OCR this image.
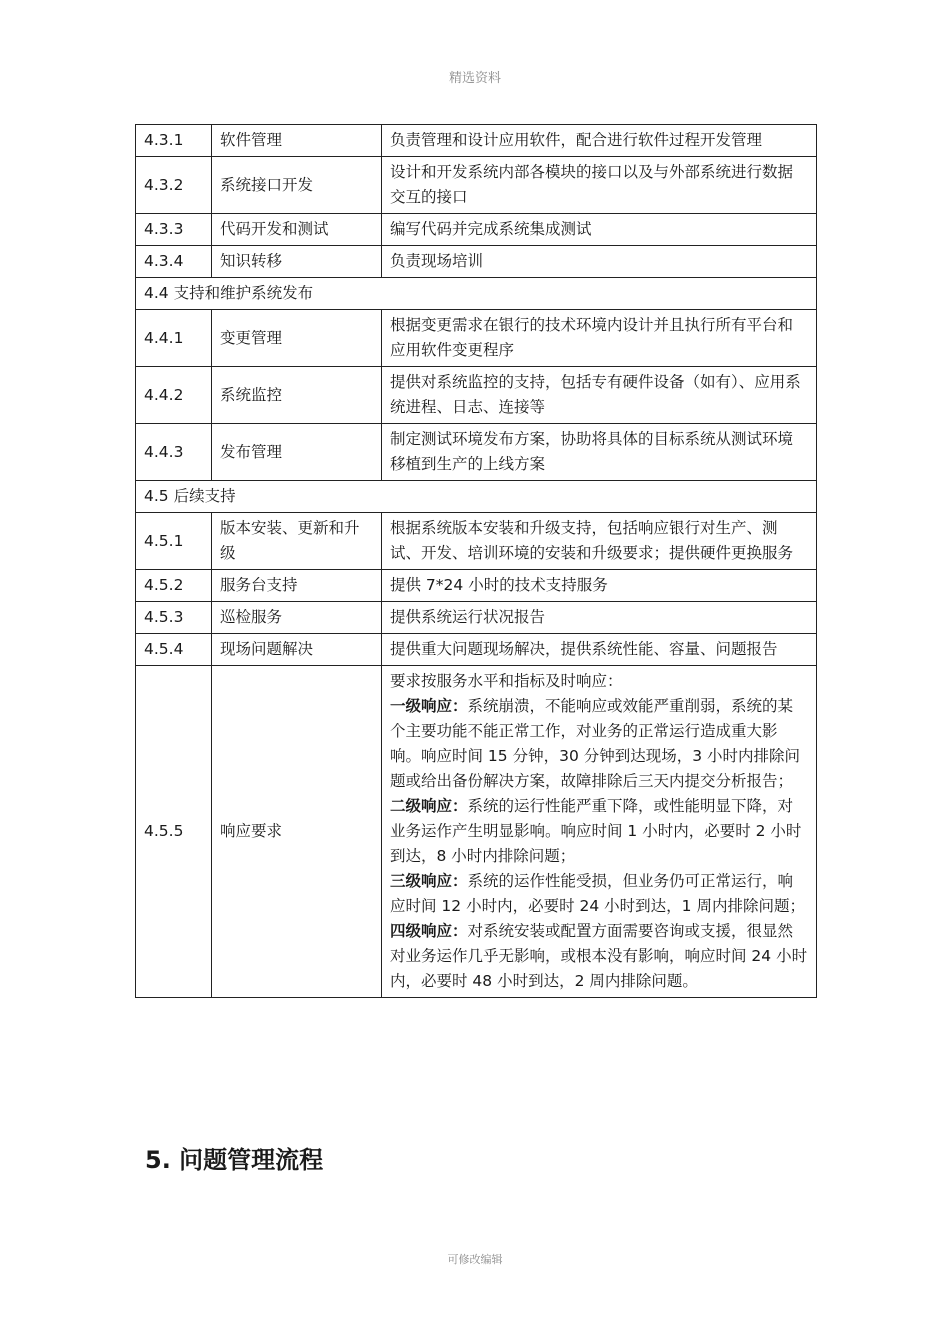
精选资料
4.3.1	软件管理	负责管理和设计应用软件，配合进行软件过程开发管理
4.3.2	系统接口开发	设计和开发系统内部各模块的接口以及与外部系统进行数据交互的接口
4.3.3	代码开发和测试	编写代码并完成系统集成测试
4.3.4	知识转移	负责现场培训
4.4 支持和维护系统发布		
4.4.1	变更管理	根据变更需求在银行的技术环境内设计并且执行所有平台和应用软件变更程序
4.4.2	系统监控	提供对系统监控的支持，包括专有硬件设备（如有）、应用系统进程、日志、连接等
4.4.3	发布管理	制定测试环境发布方案，协助将具体的目标系统从测试环境移植到生产的上线方案
4.5 后续支持		
4.5.1	版本安装、更新和升级	根据系统版本安装和升级支持，包括响应银行对生产、测试、开发、培训环境的安装和升级要求；提供硬件更换服务
4.5.2	服务台支持	提供 7*24 小时的技术支持服务
4.5.3	巡检服务	提供系统运行状况报告
4.5.4	现场问题解决	提供重大问题现场解决，提供系统性能、容量、问题报告
4.5.5	响应要求	要求按服务水平和指标及时响应：
一级响应：系统崩溃，不能响应或效能严重削弱，系统的某个主要功能不能正常工作，对业务的正常运行造成重大影响。响应时间 15 分钟，30 分钟到达现场，3 小时内排除问题或给出备份解决方案，故障排除后三天内提交分析报告；
二级响应：系统的运行性能严重下降，或性能明显下降，对业务运作产生明显影响。响应时间 1 小时内，必要时 2 小时到达，8 小时内排除问题；
三级响应：系统的运作性能受损，但业务仍可正常运行，响应时间 12 小时内，必要时 24 小时到达，1 周内排除问题；
四级响应：对系统安装或配置方面需要咨询或支援，很显然对业务运作几乎无影响，或根本没有影响，响应时间 24 小时内，必要时 48 小时到达，2 周内排除问题。
5. 问题管理流程
可修改编辑
